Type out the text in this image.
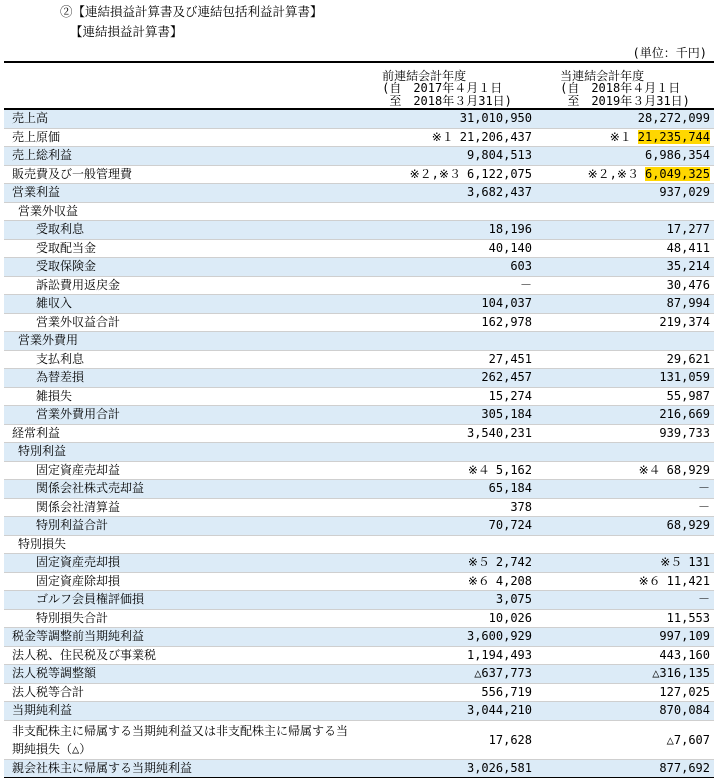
②【連結損益計算書及び連結包括利益計算書】
【連結損益計算書】
(単位：千円)
	前連結会計年度
(自　2017年４月１日
至　2018年３月31日)	当連結会計年度
(自　2018年４月１日
至　2019年３月31日)
売上高	31,010,950	28,272,099
売上原価	※１ 21,206,437	※１ 21,235,744
売上総利益	9,804,513	6,986,354
販売費及び一般管理費	※２,※３ 6,122,075	※２,※３ 6,049,325
営業利益	3,682,437	937,029
営業外収益		
受取利息	18,196	17,277
受取配当金	40,140	48,411
受取保険金	603	35,214
訴訟費用返戻金	－	30,476
雑収入	104,037	87,994
営業外収益合計	162,978	219,374
営業外費用		
支払利息	27,451	29,621
為替差損	262,457	131,059
雑損失	15,274	55,987
営業外費用合計	305,184	216,669
経常利益	3,540,231	939,733
特別利益		
固定資産売却益	※４ 5,162	※４ 68,929
関係会社株式売却益	65,184	－
関係会社清算益	378	－
特別利益合計	70,724	68,929
特別損失		
固定資産売却損	※５ 2,742	※５ 131
固定資産除却損	※６ 4,208	※６ 11,421
ゴルフ会員権評価損	3,075	－
特別損失合計	10,026	11,553
税金等調整前当期純利益	3,600,929	997,109
法人税、住民税及び事業税	1,194,493	443,160
法人税等調整額	△637,773	△316,135
法人税等合計	556,719	127,025
当期純利益	3,044,210	870,084
非支配株主に帰属する当期純利益又は非支配株主に帰属する当期純損失（△）	17,628	△7,607
親会社株主に帰属する当期純利益	3,026,581	877,692
